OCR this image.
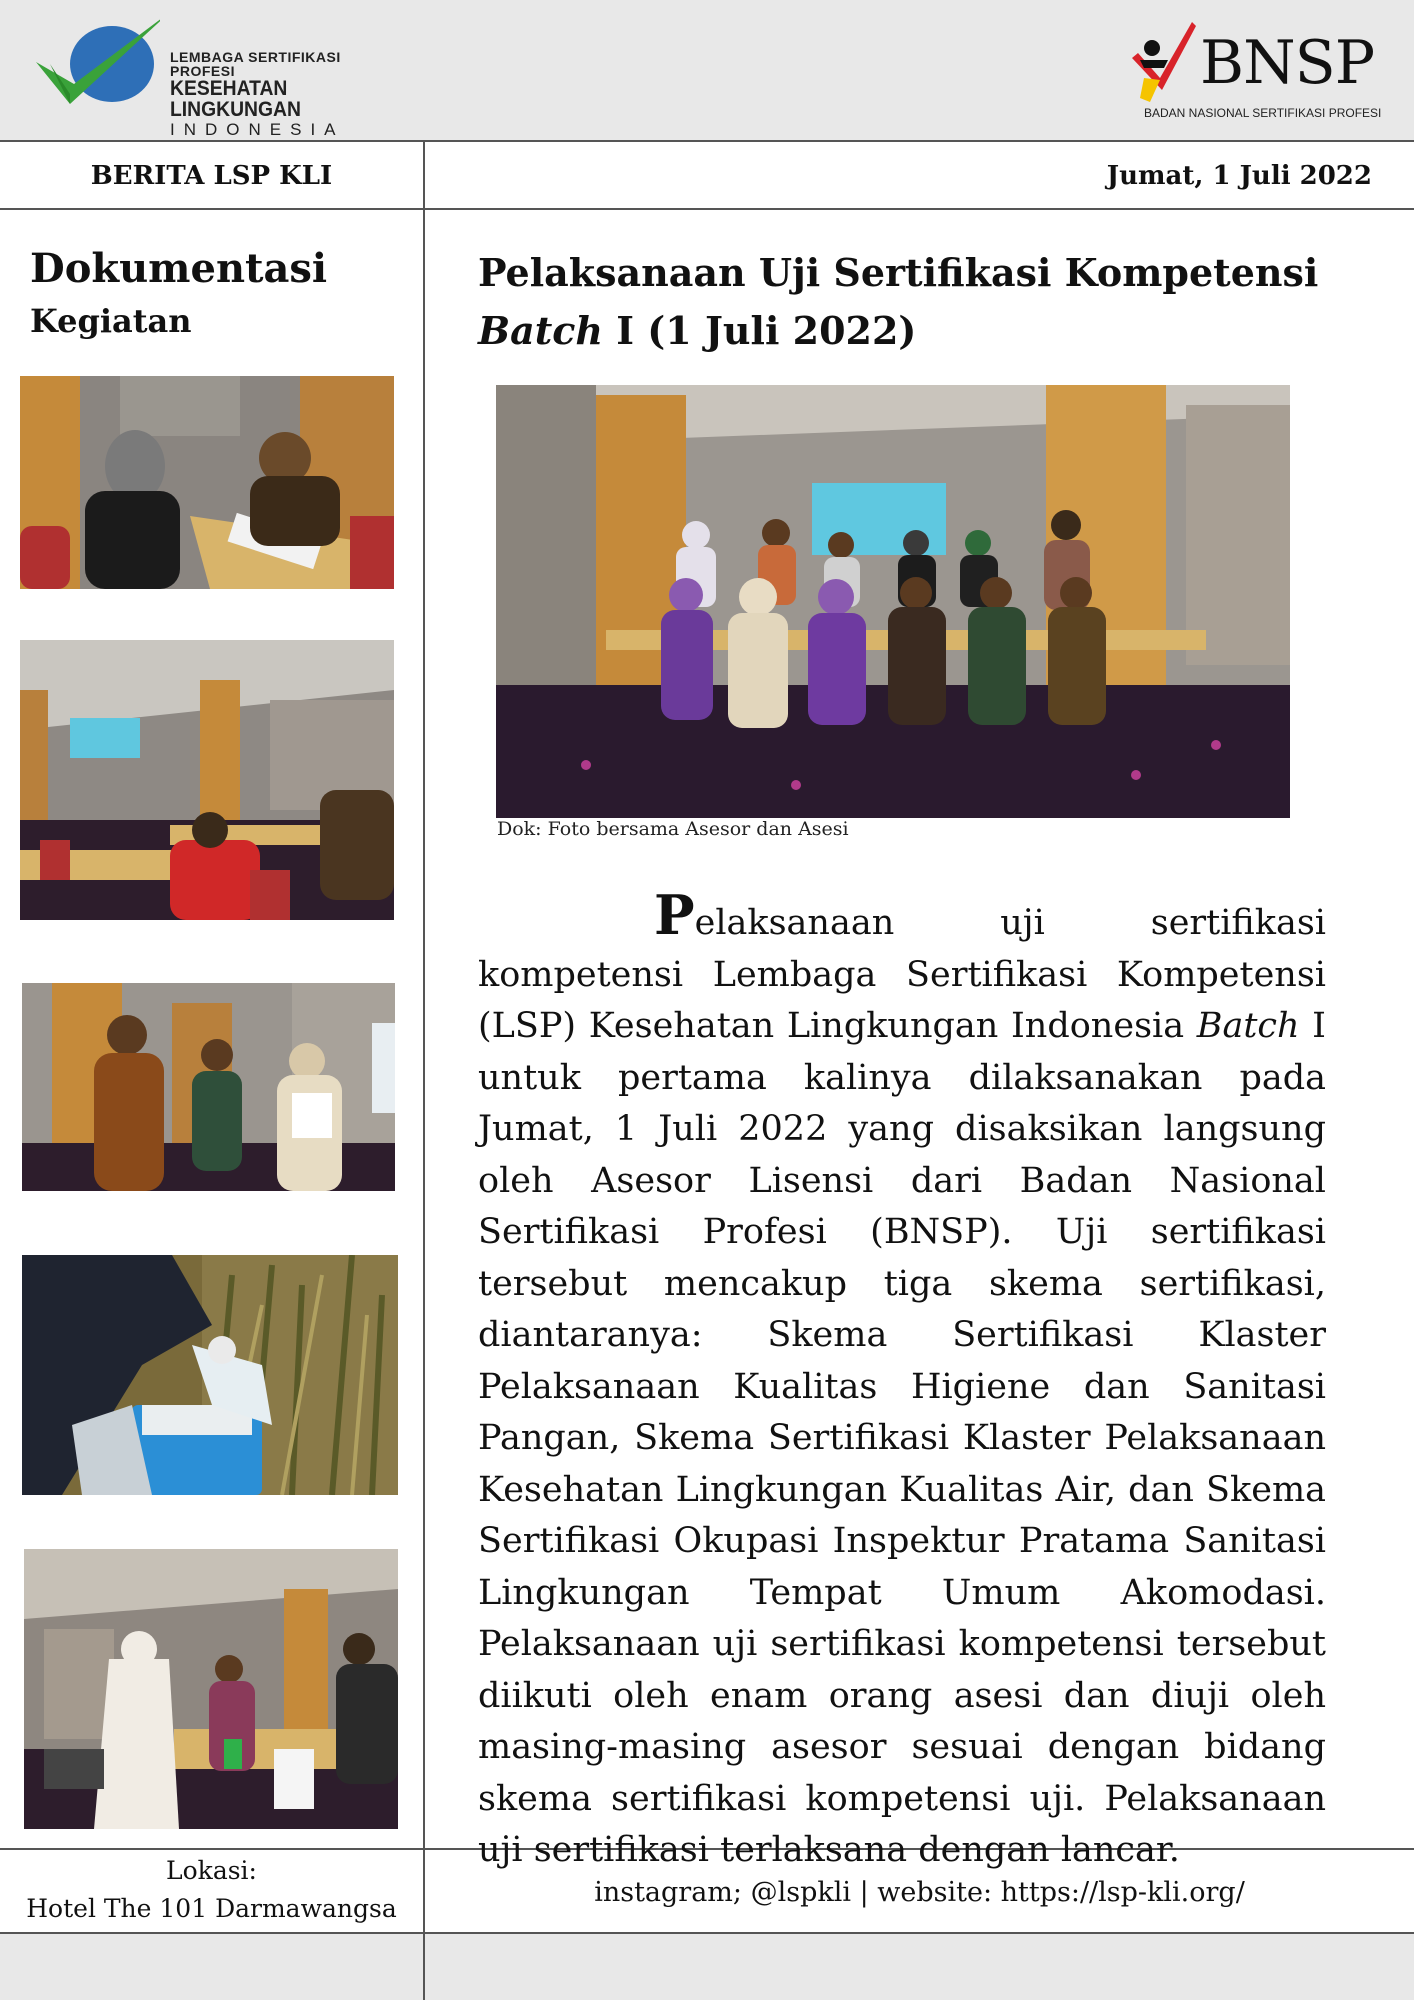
LEMBAGA SERTIFIKASI PROFESI
KESEHATAN LINGKUNGAN
INDONESIA
BNSP
BADAN NASIONAL SERTIFIKASI PROFESI
BERITA LSP KLI	Jumat, 1 Juli 2022
Dokumentasi
Kegiatan
Pelaksanaan Uji Sertifikasi Kompetensi
Batch I (1 Juli 2022)
Dok: Foto bersama Asesor dan Asesi
Pelaksanaan uji sertifikasi kompetensi Lembaga Sertifikasi Kompetensi (LSP) Kesehatan Lingkungan Indonesia Batch I untuk pertama kalinya dilaksanakan pada Jumat, 1 Juli 2022 yang disaksikan langsung oleh Asesor Lisensi dari Badan Nasional Sertifikasi Profesi (BNSP). Uji sertifikasi tersebut mencakup tiga skema sertifikasi, diantaranya: Skema Sertifikasi Klaster Pelaksanaan Kualitas Higiene dan Sanitasi Pangan, Skema Sertifikasi Klaster Pelaksanaan Kesehatan Lingkungan Kualitas Air, dan Skema Sertifikasi Okupasi Inspektur Pratama Sanitasi Lingkungan Tempat Umum Akomodasi. Pelaksanaan uji sertifikasi kompetensi tersebut diikuti oleh enam orang asesi dan diuji oleh masing-masing asesor sesuai dengan bidang skema sertifikasi kompetensi uji. Pelaksanaan uji sertifikasi terlaksana dengan lancar.
Lokasi:
Hotel The 101 Darmawangsa
instagram; @lspkli | website: https://lsp-kli.org/
